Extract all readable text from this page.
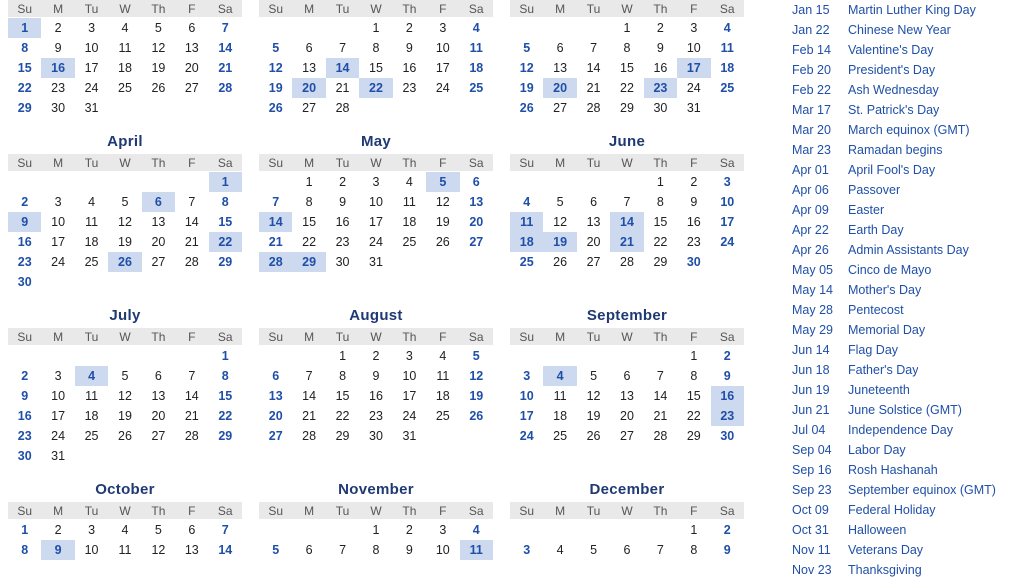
Su	M	Tu	W	Th	F	Sa
1	2	3	4	5	6	7
8	9	10	11	12	13	14
15	16	17	18	19	20	21
22	23	24	25	26	27	28
29	30	31				
Su	M	Tu	W	Th	F	Sa
			1	2	3	4
5	6	7	8	9	10	11
12	13	14	15	16	17	18
19	20	21	22	23	24	25
26	27	28				
Su	M	Tu	W	Th	F	Sa
			1	2	3	4
5	6	7	8	9	10	11
12	13	14	15	16	17	18
19	20	21	22	23	24	25
26	27	28	29	30	31	
April
Su	M	Tu	W	Th	F	Sa
						1
2	3	4	5	6	7	8
9	10	11	12	13	14	15
16	17	18	19	20	21	22
23	24	25	26	27	28	29
30						
May
Su	M	Tu	W	Th	F	Sa
	1	2	3	4	5	6
7	8	9	10	11	12	13
14	15	16	17	18	19	20
21	22	23	24	25	26	27
28	29	30	31			
June
Su	M	Tu	W	Th	F	Sa
				1	2	3
4	5	6	7	8	9	10
11	12	13	14	15	16	17
18	19	20	21	22	23	24
25	26	27	28	29	30	
July
Su	M	Tu	W	Th	F	Sa
						1
2	3	4	5	6	7	8
9	10	11	12	13	14	15
16	17	18	19	20	21	22
23	24	25	26	27	28	29
30	31					
August
Su	M	Tu	W	Th	F	Sa
		1	2	3	4	5
6	7	8	9	10	11	12
13	14	15	16	17	18	19
20	21	22	23	24	25	26
27	28	29	30	31		
September
Su	M	Tu	W	Th	F	Sa
					1	2
3	4	5	6	7	8	9
10	11	12	13	14	15	16
17	18	19	20	21	22	23
24	25	26	27	28	29	30
October
Su	M	Tu	W	Th	F	Sa
1	2	3	4	5	6	7
8	9	10	11	12	13	14
November
Su	M	Tu	W	Th	F	Sa
			1	2	3	4
5	6	7	8	9	10	11
December
Su	M	Tu	W	Th	F	Sa
					1	2
3	4	5	6	7	8	9
Jan 15	Martin Luther King Day
Jan 22	Chinese New Year
Feb 14	Valentine's Day
Feb 20	President's Day
Feb 22	Ash Wednesday
Mar 17	St. Patrick's Day
Mar 20	March equinox (GMT)
Mar 23	Ramadan begins
Apr 01	April Fool's Day
Apr 06	Passover
Apr 09	Easter
Apr 22	Earth Day
Apr 26	Admin Assistants Day
May 05	Cinco de Mayo
May 14	Mother's Day
May 28	Pentecost
May 29	Memorial Day
Jun 14	Flag Day
Jun 18	Father's Day
Jun 19	Juneteenth
Jun 21	June Solstice (GMT)
Jul 04	Independence Day
Sep 04	Labor Day
Sep 16	Rosh Hashanah
Sep 23	September equinox (GMT)
Oct 09	Federal Holiday
Oct 31	Halloween
Nov 11	Veterans Day
Nov 23	Thanksgiving
